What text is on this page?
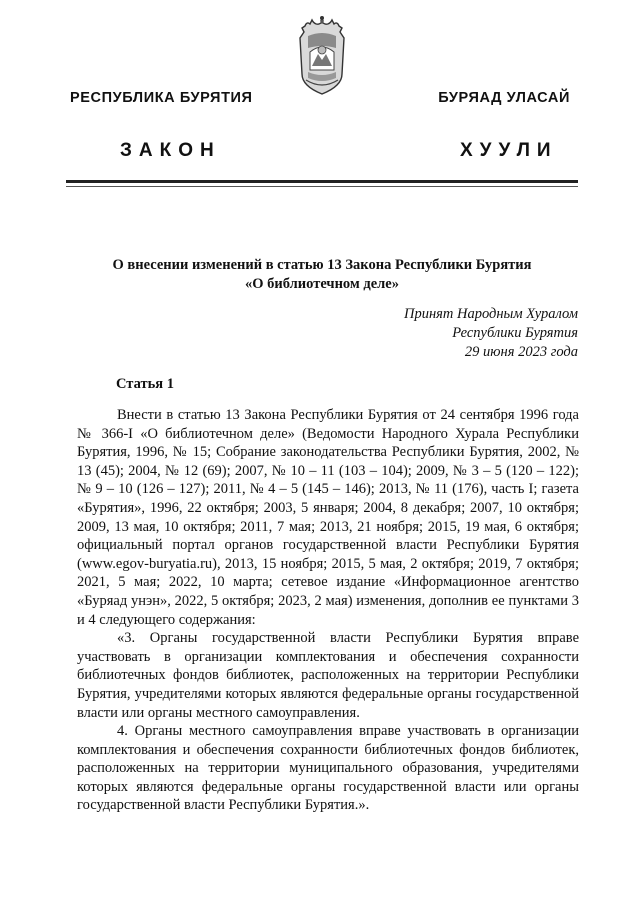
РЕСПУБЛИКА БУРЯТИЯ	БУРЯАД УЛАСАЙ
ЗАКОН	ХУУЛИ
О внесении изменений в статью 13 Закона Республики Бурятия
«О библиотечном деле»
Принят Народным Хуралом
Республики Бурятия
29 июня 2023 года
Статья 1

Внести в статью 13 Закона Республики Бурятия от 24 сентября 1996 года № 366-I «О библиотечном деле» (Ведомости Народного Хурала Республики Бурятия, 1996, № 15; Собрание законодательства Республики Бурятия, 2002, № 13 (45); 2004, № 12 (69); 2007, № 10 – 11 (103 – 104); 2009, № 3 – 5 (120 – 122); № 9 – 10 (126 – 127); 2011, № 4 – 5 (145 – 146); 2013, № 11 (176), часть I; газета «Бурятия», 1996, 22 октября; 2003, 5 января; 2004, 8 декабря; 2007, 10 октября; 2009, 13 мая, 10 октября; 2011, 7 мая; 2013, 21 ноября; 2015, 19 мая, 6 октября; официальный портал органов государственной власти Республики Бурятия (www.egov-buryatia.ru), 2013, 15 ноября; 2015, 5 мая, 2 октября; 2019, 7 октября; 2021, 5 мая; 2022, 10 марта; сетевое издание «Информационное агентство «Буряад унэн», 2022, 5 октября; 2023, 2 мая) изменения, дополнив ее пунктами 3 и 4 следующего содержания:

«3. Органы государственной власти Республики Бурятия вправе участвовать в организации комплектования и обеспечения сохранности библиотечных фондов библиотек, расположенных на территории Республики Бурятия, учредителями которых являются федеральные органы государственной власти или органы местного самоуправления.

4. Органы местного самоуправления вправе участвовать в организации комплектования и обеспечения сохранности библиотечных фондов библиотек, расположенных на территории муниципального образования, учредителями которых являются федеральные органы государственной власти или органы государственной власти Республики Бурятия.».
